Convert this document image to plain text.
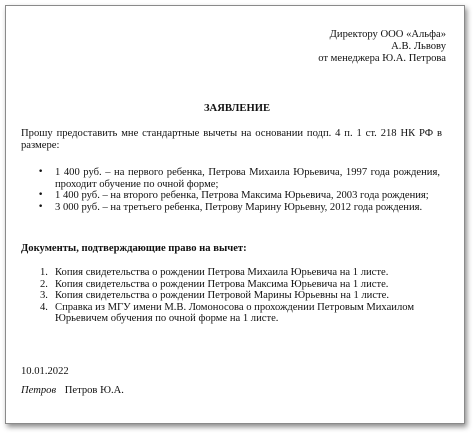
Директору ООО «Альфа»
А.В. Львову
от менеджера Ю.А. Петрова
ЗАЯВЛЕНИЕ
Прошу предоставить мне стандартные вычеты на основании подп. 4 п. 1 ст. 218 НК РФ в размере:
• 1 400 руб. – на первого ребенка, Петрова Михаила Юрьевича, 1997 года рождения, проходит обучение по очной форме;
• 1 400 руб. – на второго ребенка, Петрова Максима Юрьевича, 2003 года рождения;
• 3 000 руб. – на третьего ребенка, Петрову Марину Юрьевну, 2012 года рождения.
Документы, подтверждающие право на вычет:
1. Копия свидетельства о рождении Петрова Михаила Юрьевича на 1 листе.
2. Копия свидетельства о рождении Петрова Максима Юрьевича на 1 листе.
3. Копия свидетельства о рождении Петровой Марины Юрьевны на 1 листе.
4. Справка из МГУ имени М.В. Ломоносова о прохождении Петровым Михаилом Юрьевичем обучения по очной форме на 1 листе.
10.01.2022
Петров Петров Ю.А.
